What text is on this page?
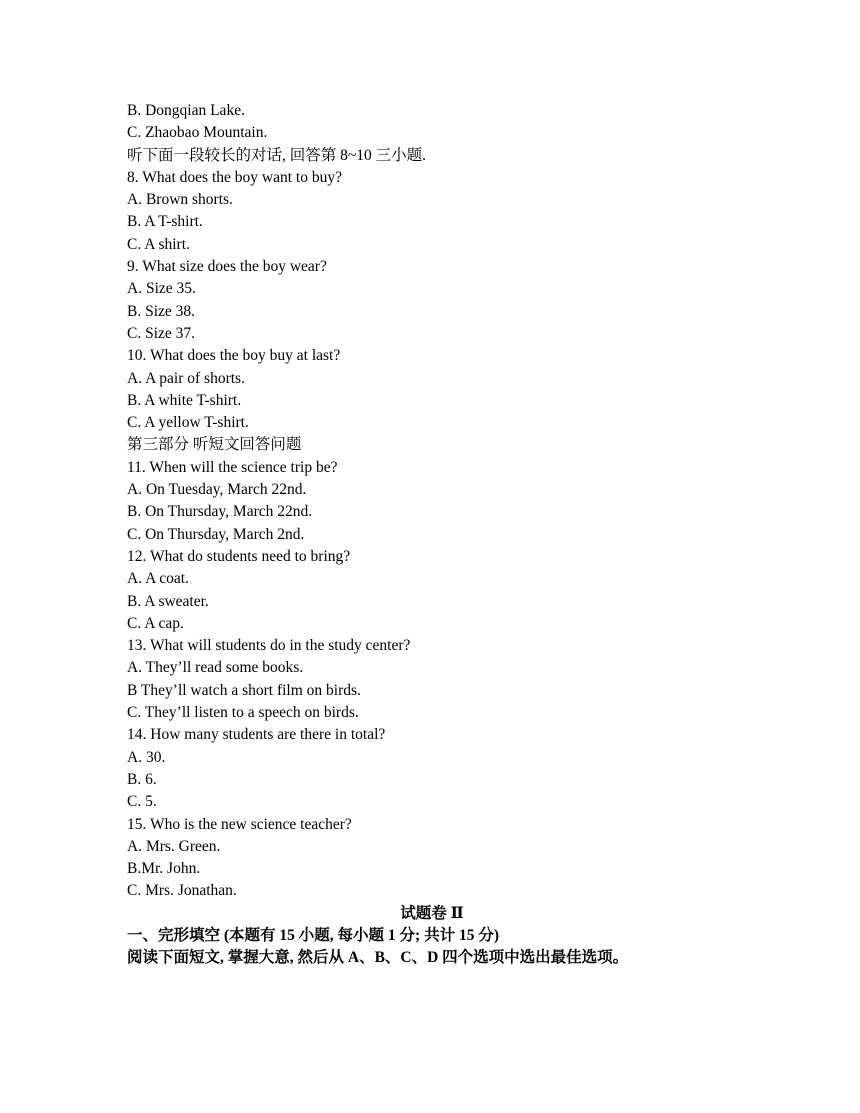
B. Dongqian Lake.
C. Zhaobao Mountain.
听下面一段较长的对话, 回答第 8~10 三小题.
8. What does the boy want to buy?
A. Brown shorts.
B. A T-shirt.
C. A shirt.
9. What size does the boy wear?
A. Size 35.
B. Size 38.
C. Size 37.
10. What does the boy buy at last?
A. A pair of shorts.
B. A white T-shirt.
C. A yellow T-shirt.
第三部分 听短文回答问题
11. When will the science trip be?
A. On Tuesday, March 22nd.
B. On Thursday, March 22nd.
C. On Thursday, March 2nd.
12. What do students need to bring?
A. A coat.
B. A sweater.
C. A cap.
13. What will students do in the study center?
A. They’ll read some books.
B They’ll watch a short film on birds.
C. They’ll listen to a speech on birds.
14. How many students are there in total?
A. 30.
B. 6.
C. 5.
15. Who is the new science teacher?
A. Mrs. Green.
B.Mr. John.
C. Mrs. Jonathan.
试题卷 Ⅱ
一、完形填空 (本题有 15 小题, 每小题 1 分; 共计 15 分)
阅读下面短文, 掌握大意, 然后从 A、B、C、D 四个选项中选出最佳选项。
